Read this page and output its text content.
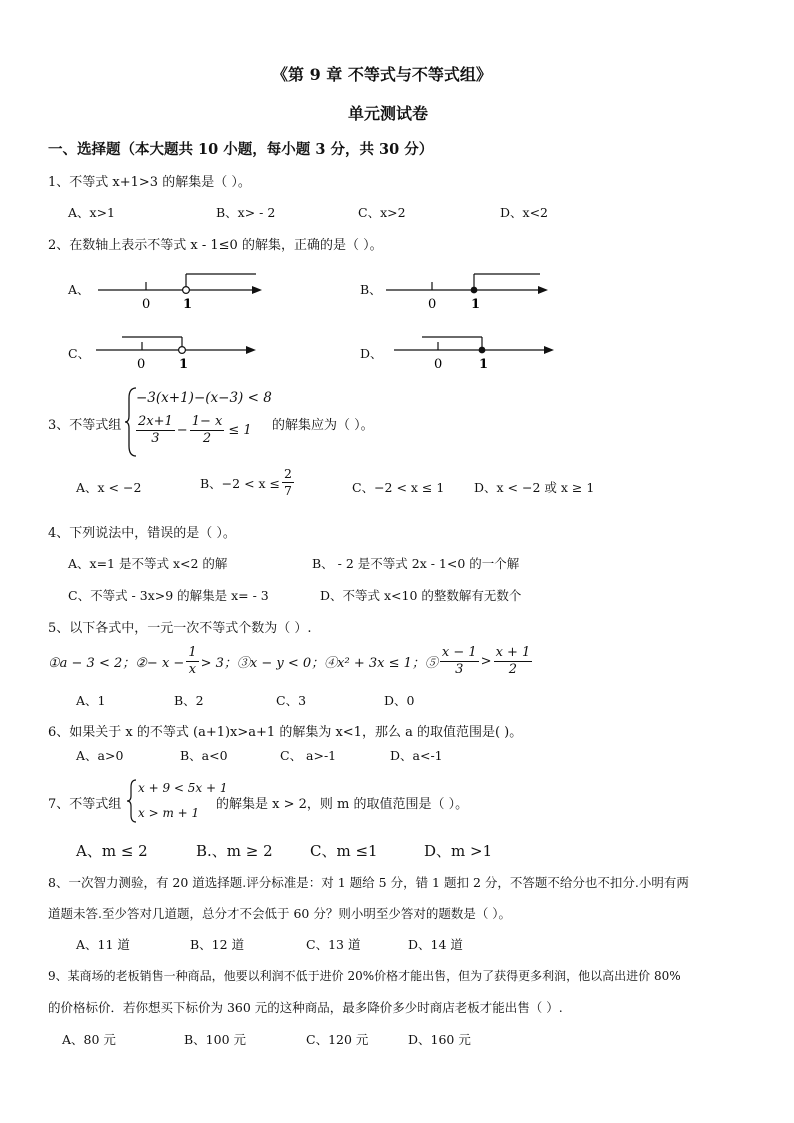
《第 9 章 不等式与不等式组》
单元测试卷
一、选择题（本大题共 10 小题，每小题 3 分，共 30 分）
1、不等式 x+1>3 的解集是（ ）。
A、x>1	B、x> - 2	C、x>2	D、x<2
2、在数轴上表示不等式 x - 1≤0 的解集，正确的是（ ）。
A、
0	1
B、
0	1
C、
0	1
D、
0	1
3、不等式组
−3(x+1)−(x−3) < 8
$\frac{2x+1}{3} - \frac{1- x}{2} \le 1$ 的解集应为（ ）。
A、x < −2	B、$-2 < x \le \frac{2}{7}$	C、−2 < x ≤ 1 D、x < −2 或 x ≥ 1
4、下列说法中，错误的是（ ）。
A、x=1 是不等式 x<2 的解	B、 - 2 是不等式 2x - 1<0 的一个解
C、不等式 - 3x>9 的解集是 x= - 3	D、不等式 x<10 的整数解有无数个
5、以下各式中，一元一次不等式个数为（ ）.
①a − 3 < 2；②− $x - \frac{1}{x} > 3$；③x − y < 0；④x² + 3x ≤ 1；⑤ $\frac{x - 1}{3} > \frac{x + 1}{2}$
A、1	B、2	C、3	D、0
6、如果关于 x 的不等式 (a+1)x>a+1 的解集为 x<1，那么 a 的取值范围是( )。
A、a>0	B、a<0	C、 a>-1	D、a<-1
7、不等式组
x + 9 < 5x + 1
x > m + 1
的解集是 x > 2，则 m 的取值范围是（ ）。
A、m ≤ 2	B.、m ≥ 2 C、m ≤1	D、m >1
8、一次智力测验，有 20 道选择题.评分标准是：对 1 题给 5 分，错 1 题扣 2 分，不答题不给分也不扣分.小明有两
道题未答.至少答对几道题，总分才不会低于 60 分？则小明至少答对的题数是（ ）。
A、11 道	B、12 道	C、13 道	D、14 道
9、某商场的老板销售一种商品，他要以利润不低于进价 20%价格才能出售，但为了获得更多利润，他以高出进价 80%
的价格标价．若你想买下标价为 360 元的这种商品，最多降价多少时商店老板才能出售（ ）.
A、80 元	B、100 元	C、120 元	D、160 元
